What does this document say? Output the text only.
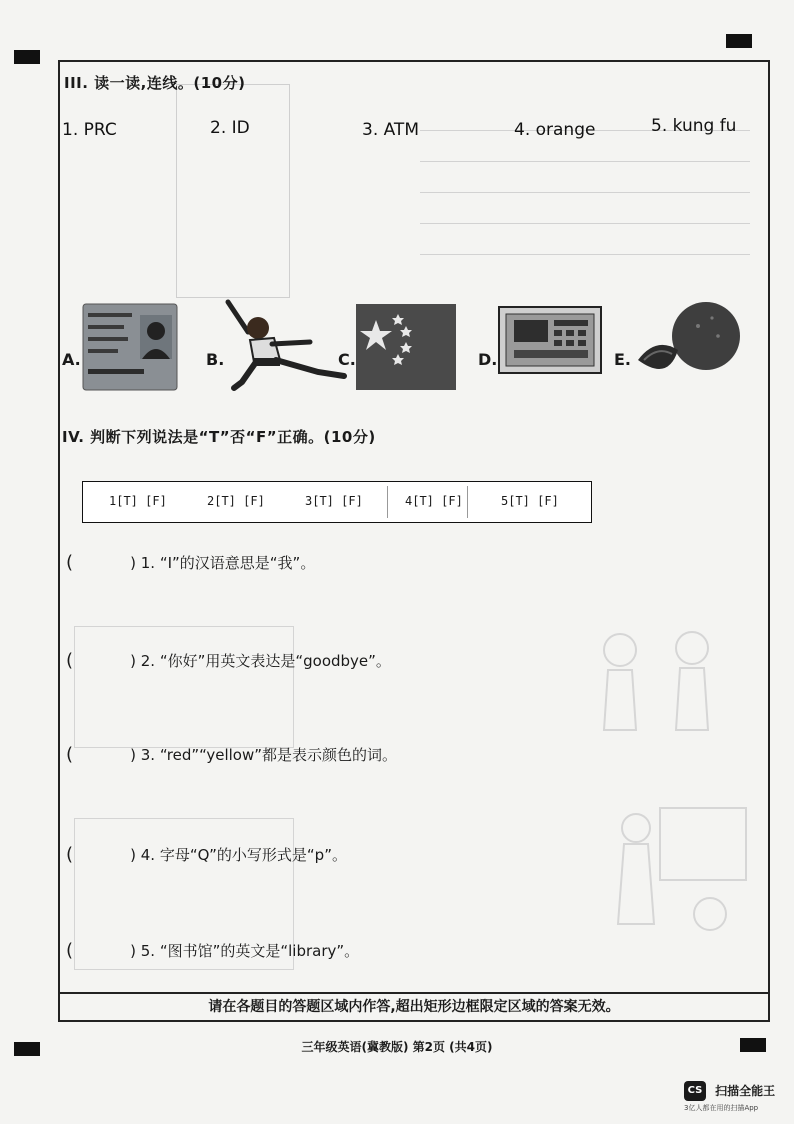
III. 读一读,连线。(10分)
1. PRC	2. ID	3. ATM	4. orange	5. kung fu
A.	B.	C.	D.	E.
IV. 判断下列说法是“T”否“F”正确。(10分)
1[T] [F]	2[T] [F]	3[T] [F]	4[T] [F]	5[T] [F]
(	) 1. “I”的汉语意思是“我”。
(	) 2. “你好”用英文表达是“goodbye”。
(	) 3. “red”“yellow”都是表示颜色的词。
(	) 4. 字母“Q”的小写形式是“p”。
(	) 5. “图书馆”的英文是“library”。
请在各题目的答题区域内作答,超出矩形边框限定区域的答案无效。
三年级英语(冀教版) 第2页 (共4页)
CS 扫描全能王
3亿人都在用的扫描App
